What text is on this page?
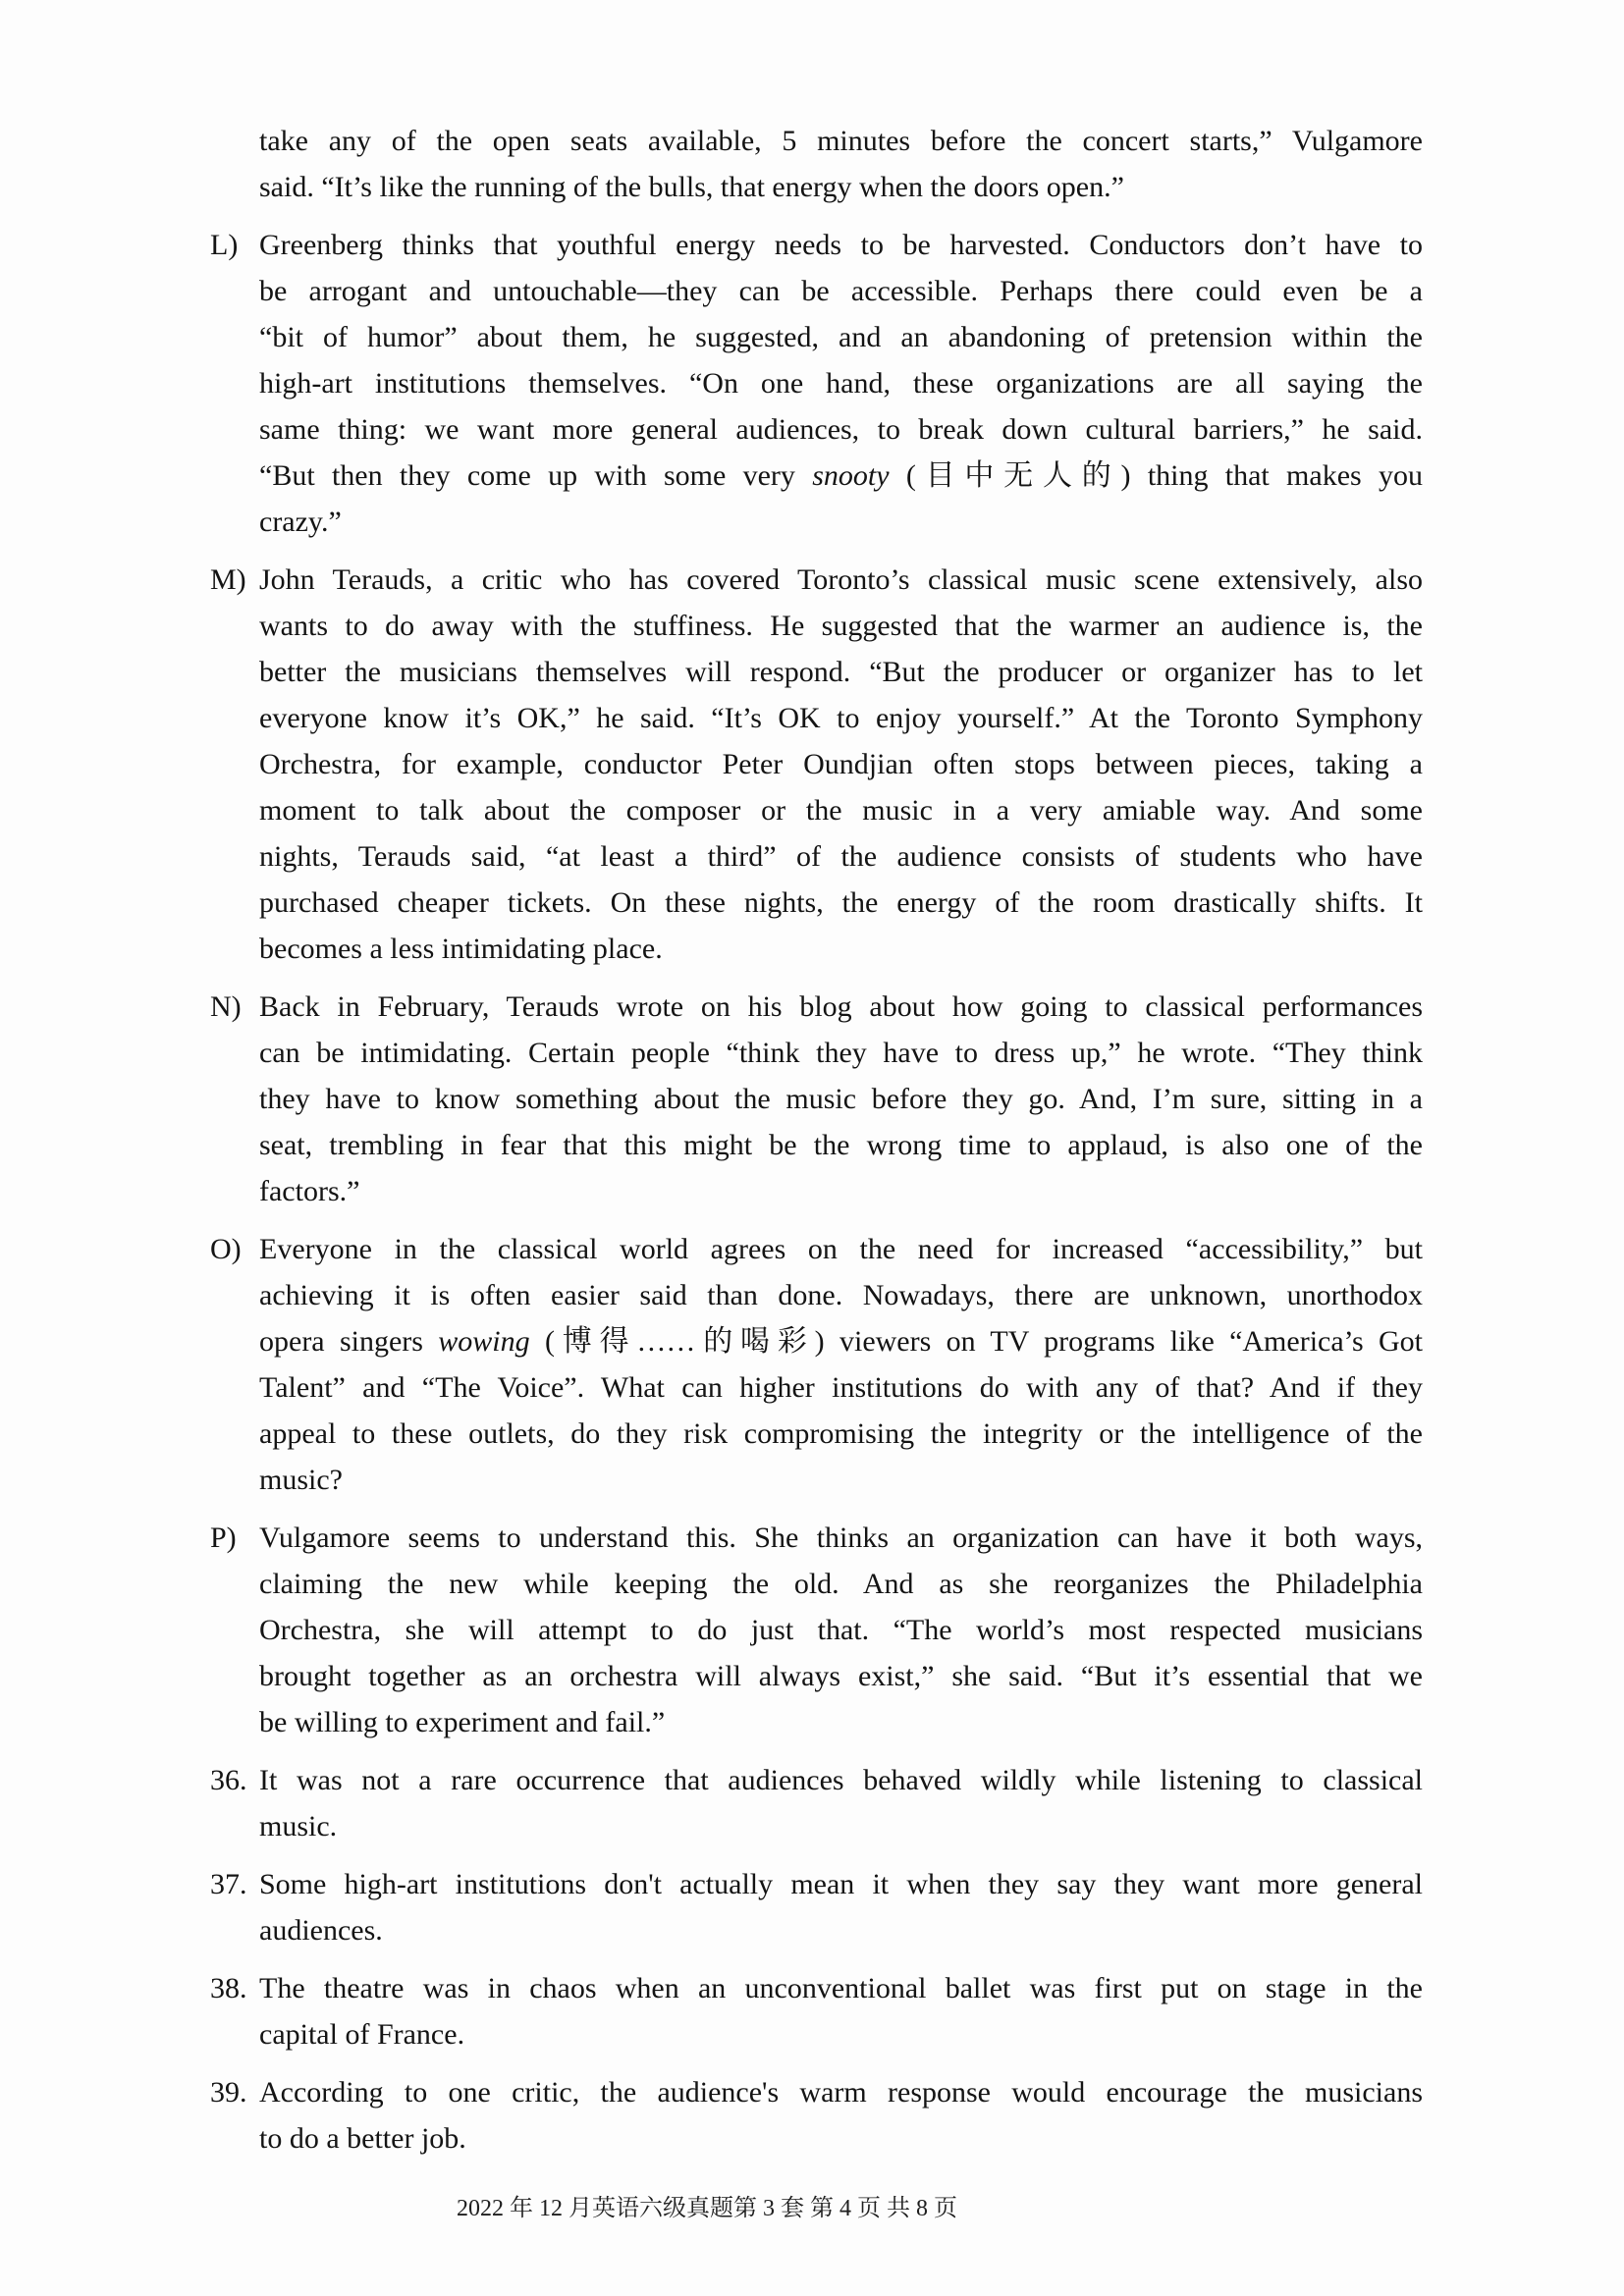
take any of the open seats available, 5 minutes before the concert starts,” Vulgamore
said. “It’s like the running of the bulls, that energy when the doors open.”
L) Greenberg thinks that youthful energy needs to be harvested. Conductors don’t have to
be arrogant and untouchable—they can be accessible. Perhaps there could even be a
“bit of humor” about them, he suggested, and an abandoning of pretension within the
high-art institutions themselves. “On one hand, these organizations are all saying the
same thing: we want more general audiences, to break down cultural barriers,” he said.
“But then they come up with some very snooty (目中无人的) thing that makes you
crazy.”
M) John Terauds, a critic who has covered Toronto’s classical music scene extensively, also
wants to do away with the stuffiness. He suggested that the warmer an audience is, the
better the musicians themselves will respond. “But the producer or organizer has to let
everyone know it’s OK,” he said. “It’s OK to enjoy yourself.” At the Toronto Symphony
Orchestra, for example, conductor Peter Oundjian often stops between pieces, taking a
moment to talk about the composer or the music in a very amiable way. And some
nights, Terauds said, “at least a third” of the audience consists of students who have
purchased cheaper tickets. On these nights, the energy of the room drastically shifts. It
becomes a less intimidating place.
N) Back in February, Terauds wrote on his blog about how going to classical performances
can be intimidating. Certain people “think they have to dress up,” he wrote. “They think
they have to know something about the music before they go. And, I’m sure, sitting in a
seat, trembling in fear that this might be the wrong time to applaud, is also one of the
factors.”
O) Everyone in the classical world agrees on the need for increased “accessibility,” but
achieving it is often easier said than done. Nowadays, there are unknown, unorthodox
opera singers wowing (博得……的喝彩) viewers on TV programs like “America’s Got
Talent” and “The Voice”. What can higher institutions do with any of that? And if they
appeal to these outlets, do they risk compromising the integrity or the intelligence of the
music?
P) Vulgamore seems to understand this. She thinks an organization can have it both ways,
claiming the new while keeping the old. And as she reorganizes the Philadelphia
Orchestra, she will attempt to do just that. “The world’s most respected musicians
brought together as an orchestra will always exist,” she said. “But it’s essential that we
be willing to experiment and fail.”
36. It was not a rare occurrence that audiences behaved wildly while listening to classical
music.
37. Some high-art institutions don't actually mean it when they say they want more general
audiences.
38. The theatre was in chaos when an unconventional ballet was first put on stage in the
capital of France.
39. According to one critic, the audience's warm response would encourage the musicians
to do a better job.
2022 年 12 月英语六级真题第 3 套 第 4 页 共 8 页
